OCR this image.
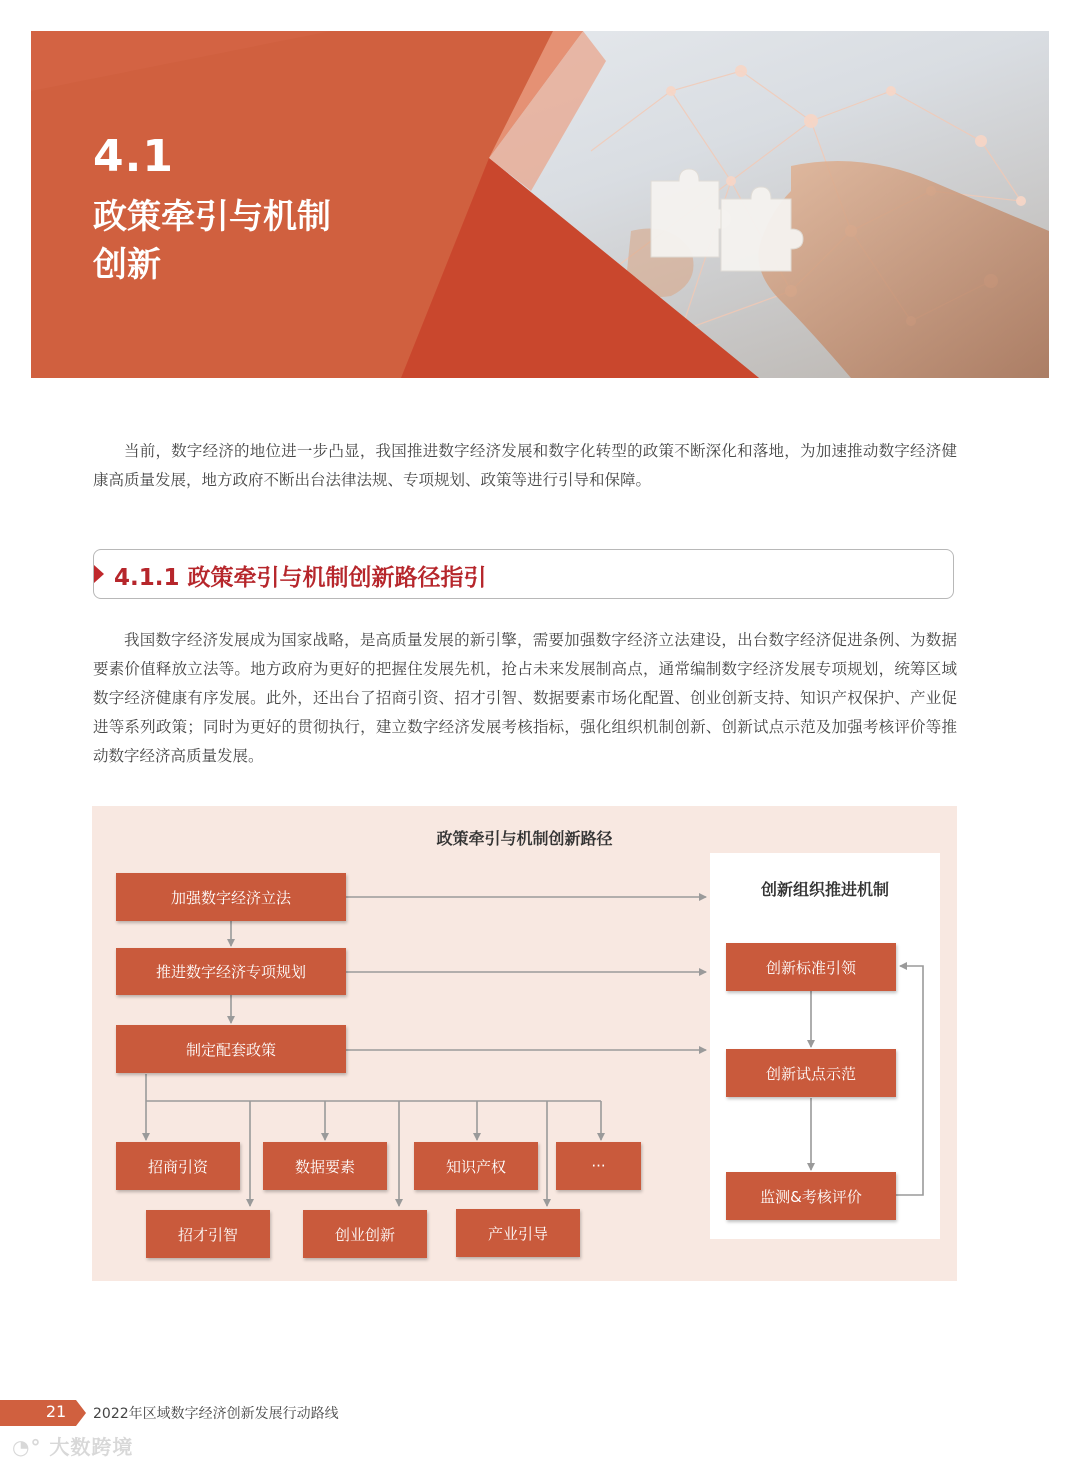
4.1
政策牵引与机制创新

当前，数字经济的地位进一步凸显，我国推进数字经济发展和数字化转型的政策不断深化和落地，为加速推动数字经济健康高质量发展，地方政府不断出台法律法规、专项规划、政策等进行引导和保障。

4.1.1 政策牵引与机制创新路径指引

我国数字经济发展成为国家战略，是高质量发展的新引擎，需要加强数字经济立法建设，出台数字经济促进条例、为数据要素价值释放立法等。地方政府为更好的把握住发展先机，抢占未来发展制高点，通常编制数字经济发展专项规划，统筹区域数字经济健康有序发展。此外，还出台了招商引资、招才引智、数据要素市场化配置、创业创新支持、知识产权保护、产业促进等系列政策；同时为更好的贯彻执行，建立数字经济发展考核指标，强化组织机制创新、创新试点示范及加强考核评价等推动数字经济高质量发展。

政策牵引与机制创新路径

创新组织推进机制

加强数字经济立法
推进数字经济专项规划
制定配套政策
招商引资	数据要素	知识产权	···
招才引智	创业创新	产业引导
创新标准引领
创新试点示范
监测&考核评价
21	2022年区域数字经济创新发展行动路线
◔° 大数跨境
